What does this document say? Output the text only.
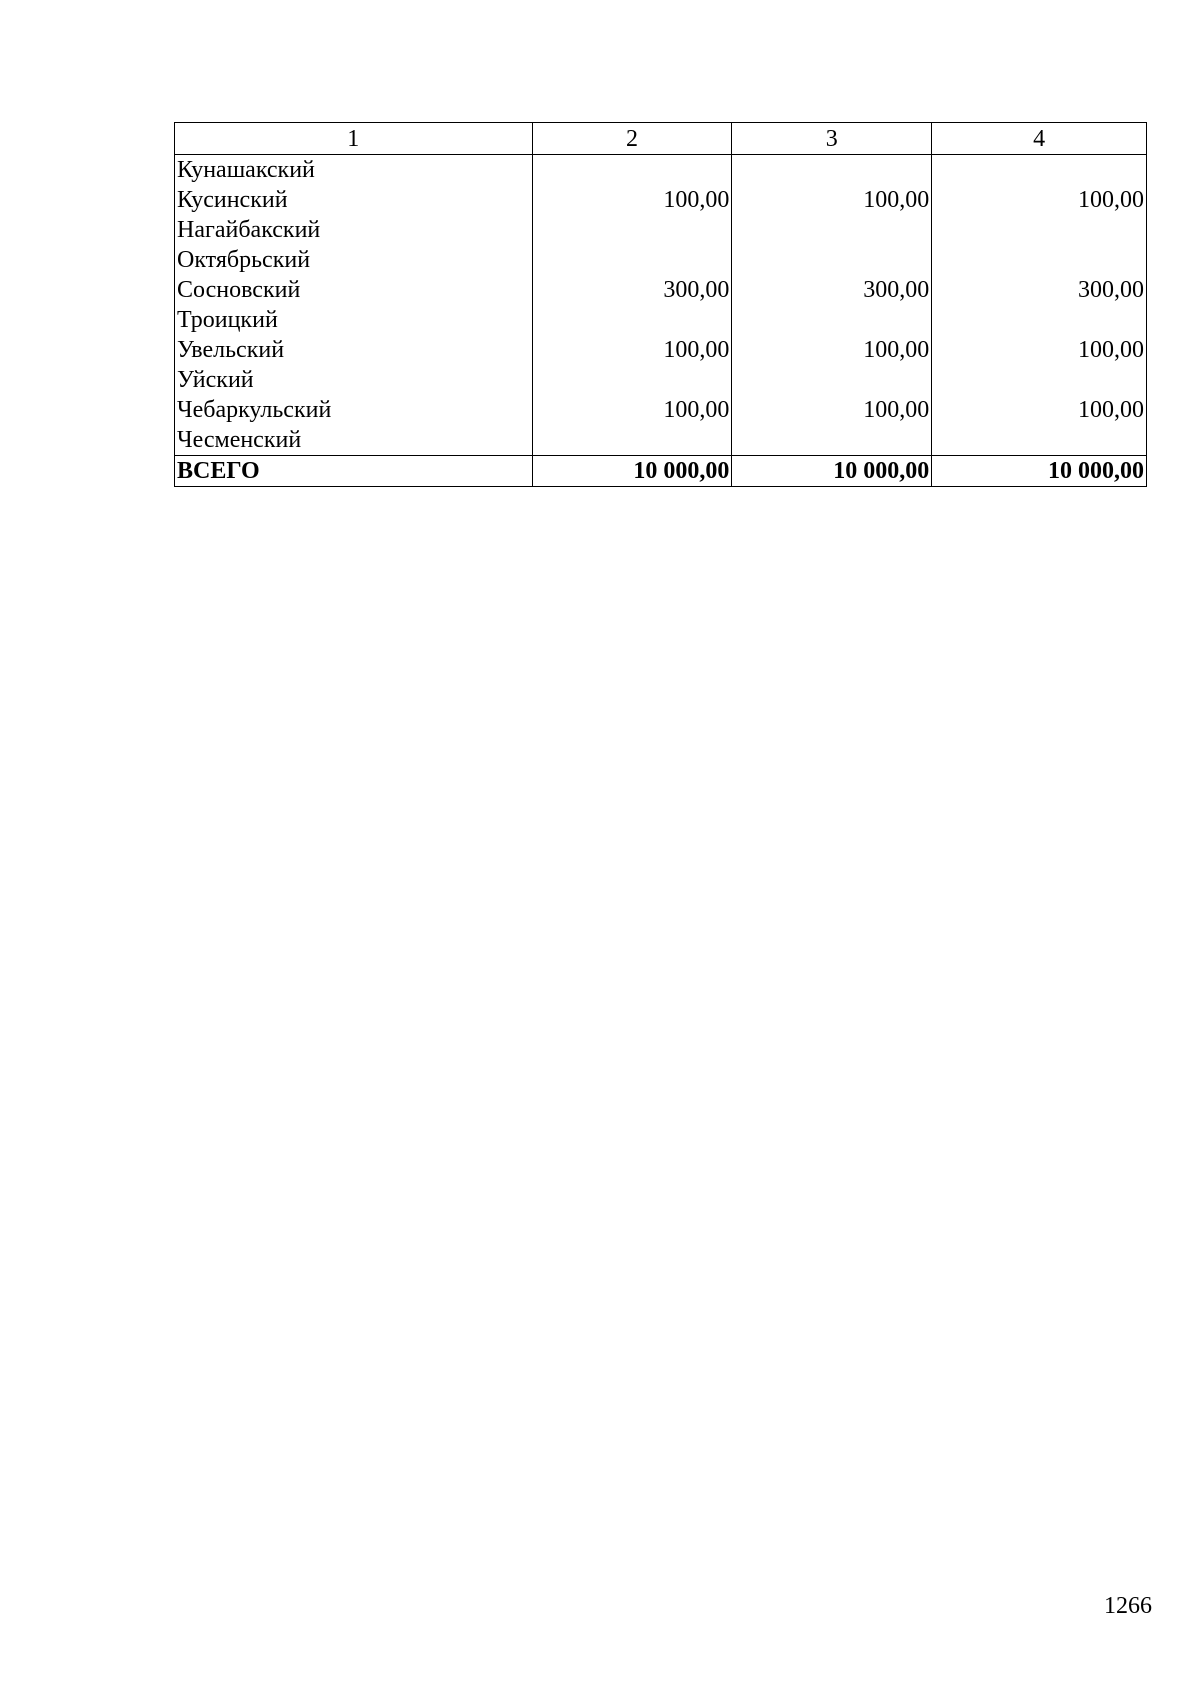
1	2	3	4
Кунашакский			
Кусинский	100,00	100,00	100,00
Нагайбакский			
Октябрьский			
Сосновский	300,00	300,00	300,00
Троицкий			
Увельский	100,00	100,00	100,00
Уйский			
Чебаркульский	100,00	100,00	100,00
Чесменский			
ВСЕГО	10 000,00	10 000,00	10 000,00
1266
